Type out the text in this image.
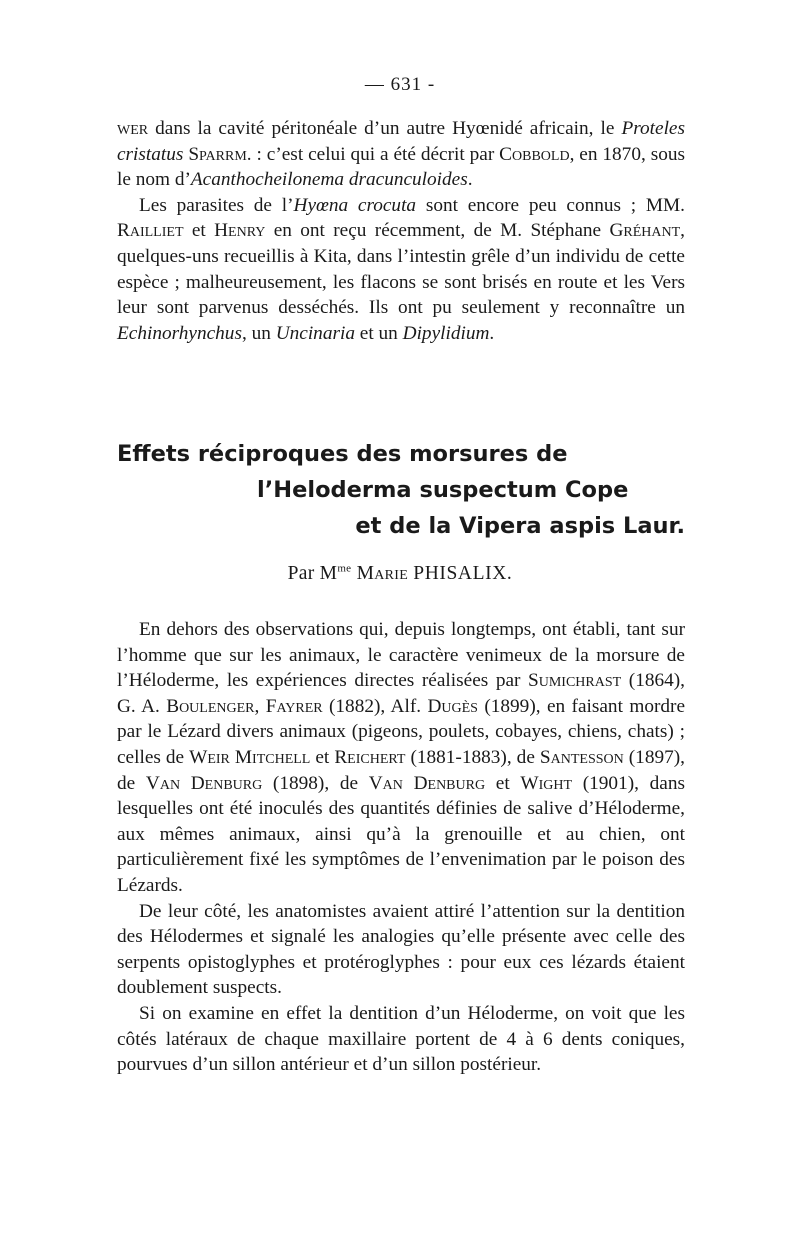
— 631 -

wer dans la cavité péritonéale d’un autre Hyœnidé africain, le Proteles cristatus Sparrm. : c’est celui qui a été décrit par Cobbold, en 1870, sous le nom d’Acanthocheilonema dracunculoides.

Les parasites de l’Hyœna crocuta sont encore peu connus ; MM. Railliet et Henry en ont reçu récemment, de M. Stéphane Gréhant, quelques-uns recueillis à Kita, dans l’intestin grêle d’un individu de cette espèce ; malheureusement, les flacons se sont brisés en route et les Vers leur sont parvenus desséchés. Ils ont pu seulement y reconnaître un Echinorhynchus, un Uncinaria et un Dipylidium.

Effets réciproques des morsures de
l’Heloderma suspectum Cope
et de la Vipera aspis Laur.
Par $M^{me}$ Marie PHISALIX.

En dehors des observations qui, depuis longtemps, ont établi, tant sur l’homme que sur les animaux, le caractère venimeux de la morsure de l’Héloderme, les expériences directes réalisées par Sumichrast (1864), G. A. Boulenger, Fayrer (1882), Alf. Dugès (1899), en faisant mordre par le Lézard divers animaux (pigeons, poulets, cobayes, chiens, chats) ; celles de Weir Mitchell et Reichert (1881-1883), de Santesson (1897), de Van Denburg (1898), de Van Denburg et Wight (1901), dans lesquelles ont été inoculés des quantités définies de salive d’Héloderme, aux mêmes animaux, ainsi qu’à la grenouille et au chien, ont particulièrement fixé les symptômes de l’envenimation par le poison des Lézards.

De leur côté, les anatomistes avaient attiré l’attention sur la dentition des Hélodermes et signalé les analogies qu’elle présente avec celle des serpents opistoglyphes et protéroglyphes : pour eux ces lézards étaient doublement suspects.

Si on examine en effet la dentition d’un Héloderme, on voit que les côtés latéraux de chaque maxillaire portent de 4 à 6 dents coniques, pourvues d’un sillon antérieur et d’un sillon postérieur.
